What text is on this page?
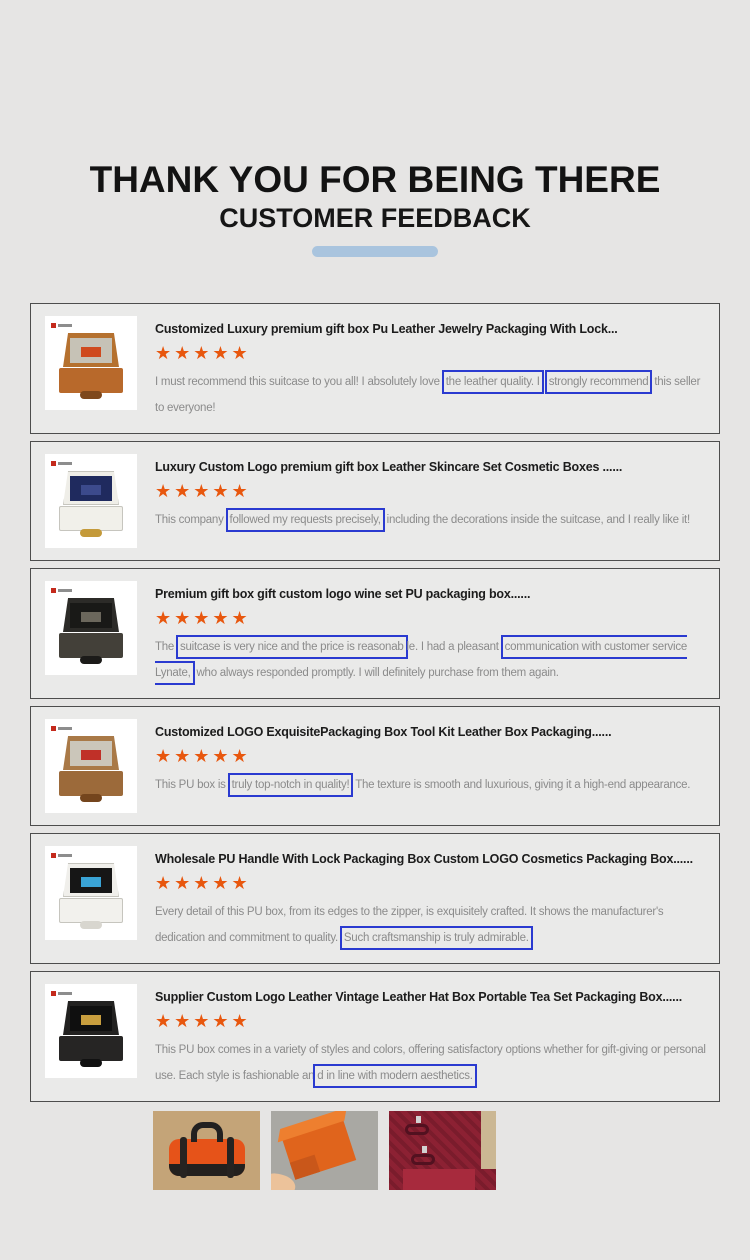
THANK YOU FOR BEING THERE
CUSTOMER FEEDBACK
Customized Luxury premium gift box Pu Leather Jewelry Packaging With Lock...
★★★★★

I must recommend this suitcase to you all! I absolutely love the leather quality. I strongly recommend this seller to everyone!

Luxury Custom Logo premium gift box Leather Skincare Set Cosmetic Boxes ......
★★★★★

This company followed my requests precisely, including the decorations inside the suitcase, and I really like it!

Premium gift box gift custom logo wine set PU packaging box......
★★★★★

The suitcase is very nice and the price is reasonab le. I had a pleasant communication with customer service Lynate, who always responded promptly. I will definitely purchase from them again.

Customized LOGO ExquisitePackaging Box Tool Kit Leather Box Packaging......
★★★★★

This PU box is truly top-notch in quality! The texture is smooth and luxurious, giving it a high-end appearance.

Wholesale PU Handle With Lock Packaging Box Custom LOGO Cosmetics Packaging Box......
★★★★★

Every detail of this PU box, from its edges to the zipper, is exquisitely crafted. It shows the manufacturer's dedication and commitment to quality. Such craftsmanship is truly admirable.

Supplier Custom Logo Leather Vintage Leather Hat Box Portable Tea Set Packaging Box......
★★★★★

This PU box comes in a variety of styles and colors, offering satisfactory options whether for gift-giving or personal use. Each style is fashionable an d in line with modern aesthetics.
